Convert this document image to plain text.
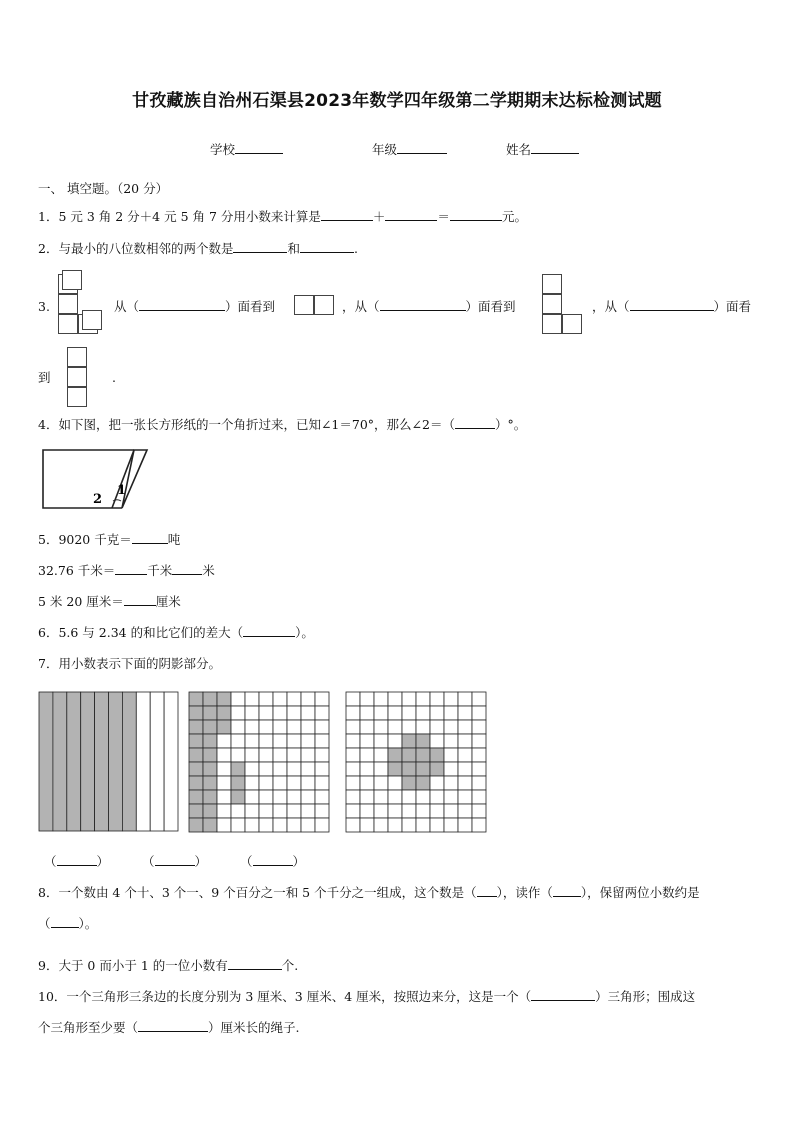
甘孜藏族自治州石渠县2023年数学四年级第二学期期末达标检测试题
学校	年级	姓名
一、 填空题。（20 分）
1．5 元 3 角 2 分＋4 元 5 角 7 分用小数来计算是	＋	＝	元。
2．与最小的八位数相邻的两个数是	和	.
3.	从（	）面看到	，从（	）面看到	，从（	）面看
到	.
4．如下图，把一张长方形纸的一个角折过来，已知∠1＝70°，那么∠2＝（	）°。
1
2
5．9020 千克＝	吨
32.76 千米＝	千米 米
5 米 20 厘米＝	厘米
6．5.6 与 2.34 的和比它们的差大（	）。
7．用小数表示下面的阴影部分。
（	）	（	）	（	）
8．一个数由 4 个十、3 个一、9 个百分之一和 5 个千分之一组成，这个数是（ ），读作（ ），保留两位小数约是
（ ）。
9．大于 0 而小于 1 的一位小数有	个.
10．一个三角形三条边的长度分别为 3 厘米、3 厘米、4 厘米，按照边来分，这是一个（	）三角形；围成这
个三角形至少要（	）厘米长的绳子.
